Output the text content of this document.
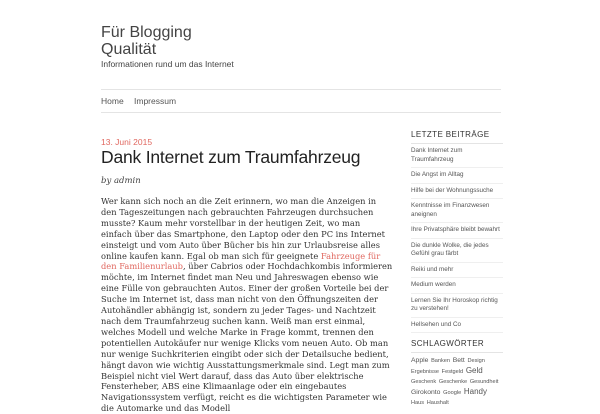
Für Blogging Qualität

Informationen rund um das Internet

Home Impressum
13. Juni 2015
Dank Internet zum Traumfahrzeug
by admin

Wer kann sich noch an die Zeit erinnern, wo man die Anzeigen in den Tageszeitungen nach gebrauchten Fahrzeugen durchsuchen musste? Kaum mehr vorstellbar in der heutigen Zeit, wo man einfach über das Smartphone, den Laptop oder den PC ins Internet einsteigt und vom Auto über Bücher bis hin zur Urlaubsreise alles online kaufen kann. Egal ob man sich für geeignete Fahrzeuge für den Familienurlaub, über Cabrios oder Hochdachkombis informieren möchte, im Internet findet man Neu und Jahreswagen ebenso wie eine Fülle von gebrauchten Autos. Einer der großen Vorteile bei der Suche im Internet ist, dass man nicht von den Öffnungszeiten der Autohändler abhängig ist, sondern zu jeder Tages- und Nachtzeit nach dem Traumfahrzeug suchen kann. Weiß man erst einmal, welches Modell und welche Marke in Frage kommt, trennen den potentiellen Autokäufer nur wenige Klicks vom neuen Auto. Ob man nur wenige Suchkriterien eingibt oder sich der Detailsuche bedient, hängt davon wie wichtig Ausstattungsmerkmale sind. Legt man zum Beispiel nicht viel Wert darauf, dass das Auto über elektrische Fensterheber, ABS eine Klimaanlage oder ein eingebautes Navigationssystem verfügt, reicht es die wichtigsten Parameter wie die Automarke und das Modell

LETZTE BEITRÄGE
Dank Internet zum Traumfahrzeug
Die Angst im Alltag
Hilfe bei der Wohnungssuche
Kenntnisse im Finanzwesen aneignen
Ihre Privatsphäre bleibt bewahrt
Die dunkle Wolke, die jedes Gefühl grau färbt
Reiki und mehr
Medium werden
Lernen Sie Ihr Horoskop richtig zu verstehen!
Hellsehen und Co
SCHLAGWÖRTER
Apple Banken Bett Design Ergebnisse Festgeld Geld Geschenk Geschenke Gesundheit Girokonto Google Handy Haus Haushalt
